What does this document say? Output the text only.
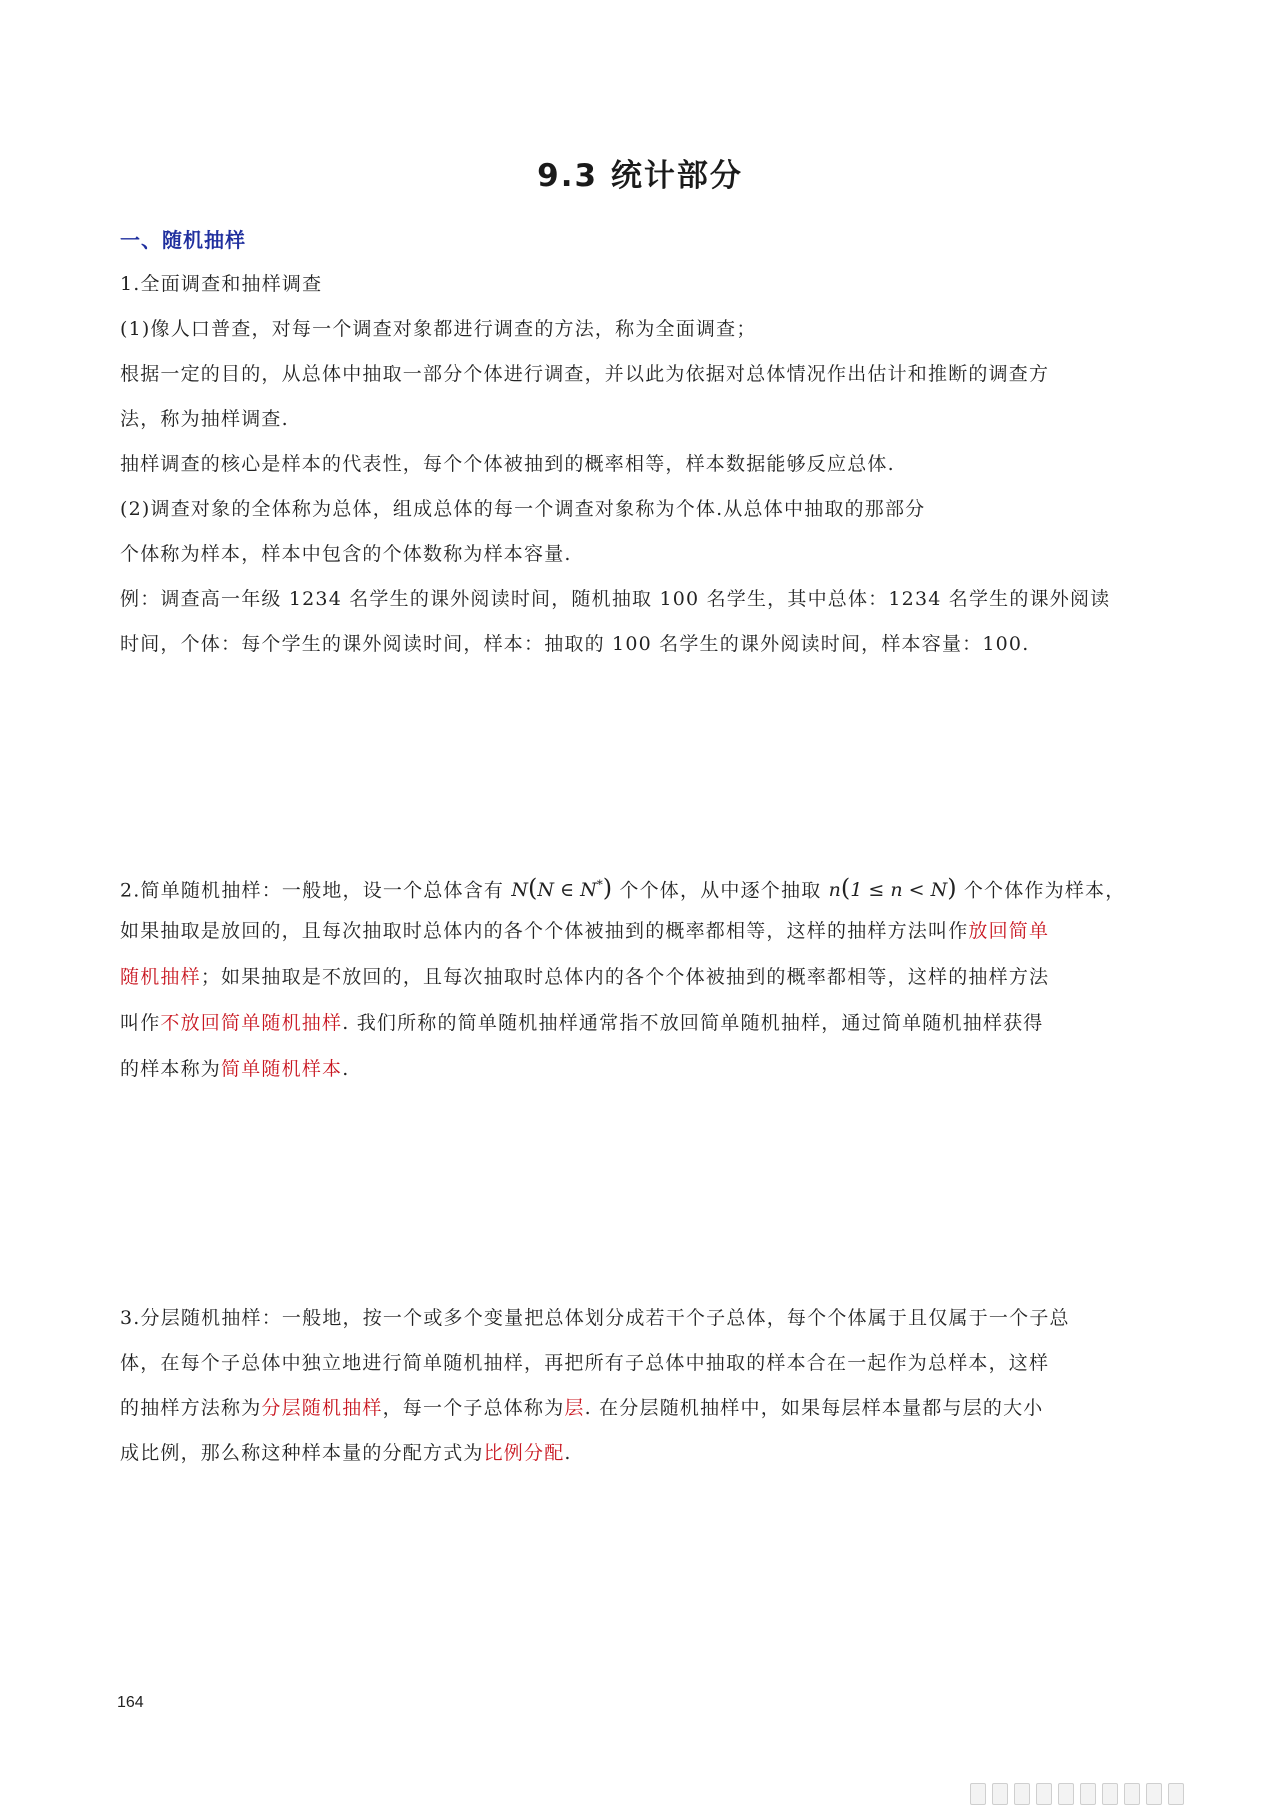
9.3 统计部分
一、随机抽样
1.全面调查和抽样调查
(1)像人口普查，对每一个调查对象都进行调查的方法，称为全面调查；
根据一定的目的，从总体中抽取一部分个体进行调查，并以此为依据对总体情况作出估计和推断的调查方
法，称为抽样调查.
抽样调查的核心是样本的代表性，每个个体被抽到的概率相等，样本数据能够反应总体.
(2)调查对象的全体称为总体，组成总体的每一个调查对象称为个体.从总体中抽取的那部分
个体称为样本，样本中包含的个体数称为样本容量.
例：调查高一年级 1234 名学生的课外阅读时间，随机抽取 100 名学生，其中总体：1234 名学生的课外阅读
时间，个体：每个学生的课外阅读时间，样本：抽取的 100 名学生的课外阅读时间，样本容量：100.
2.简单随机抽样：一般地，设一个总体含有 N(N ∈ N*) 个个体，从中逐个抽取 n(1 ≤ n < N) 个个体作为样本，
如果抽取是放回的，且每次抽取时总体内的各个个体被抽到的概率都相等，这样的抽样方法叫作放回简单
随机抽样；如果抽取是不放回的，且每次抽取时总体内的各个个体被抽到的概率都相等，这样的抽样方法
叫作不放回简单随机抽样. 我们所称的简单随机抽样通常指不放回简单随机抽样，通过简单随机抽样获得
的样本称为简单随机样本.
3.分层随机抽样：一般地，按一个或多个变量把总体划分成若干个子总体，每个个体属于且仅属于一个子总
体，在每个子总体中独立地进行简单随机抽样，再把所有子总体中抽取的样本合在一起作为总样本，这样
的抽样方法称为分层随机抽样，每一个子总体称为层. 在分层随机抽样中，如果每层样本量都与层的大小
成比例，那么称这种样本量的分配方式为比例分配.
164
